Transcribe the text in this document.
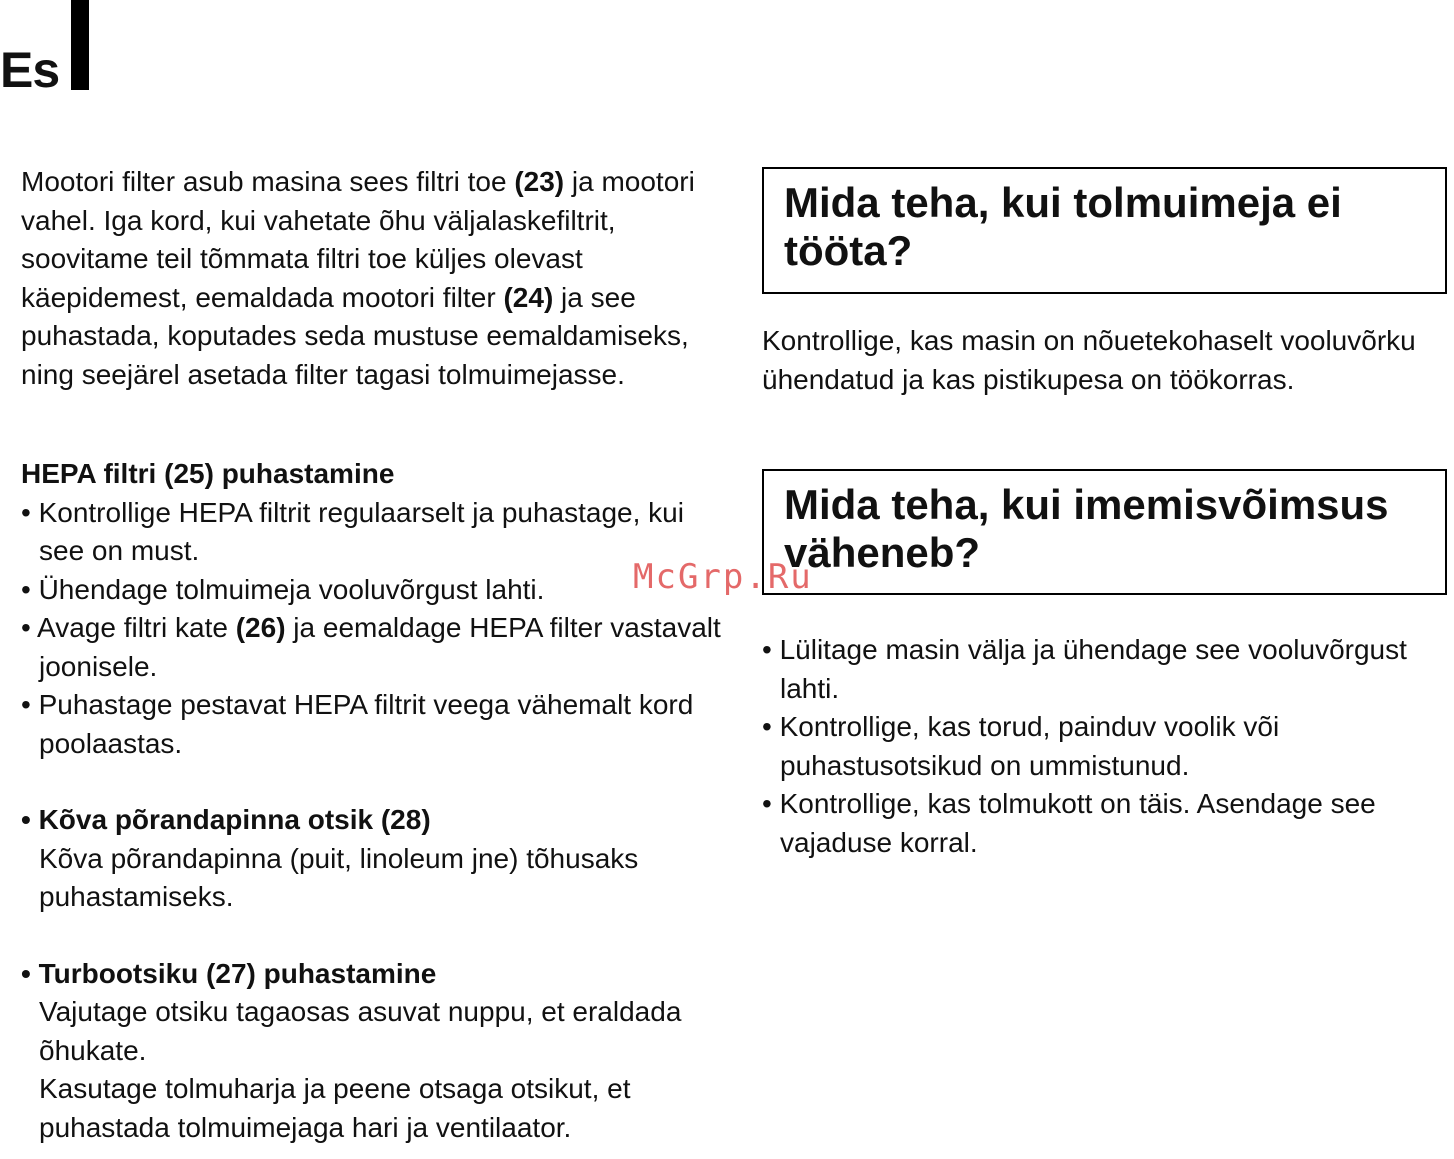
Es

Mootori filter asub masina sees filtri toe (23) ja mootori vahel. Iga kord, kui vahetate õhu väljalaskefiltrit, soovitame teil tõmmata filtri toe küljes olevast käepidemest, eemaldada mootori filter (24) ja see puhastada, koputades seda mustuse eemaldamiseks, ning seejärel asetada filter tagasi tolmuimejasse.

HEPA filtri (25) puhastamine

• Kontrollige HEPA filtrit regulaarselt ja puhastage, kui see on must.

• Ühendage tolmuimeja vooluvõrgust lahti.

• Avage filtri kate (26) ja eemaldage HEPA filter vastavalt joonisele.

• Puhastage pestavat HEPA filtrit veega vähemalt kord poolaastas.

• Kõva põrandapinna otsik (28)

Kõva põrandapinna (puit, linoleum jne) tõhusaks puhastamiseks.

• Turbootsiku (27) puhastamine

Vajutage otsiku tagaosas asuvat nuppu, et eraldada õhukate.

Kasutage tolmuharja ja peene otsaga otsikut, et puhastada tolmuimejaga hari ja ventilaator.

Mida teha, kui tolmuimeja ei tööta?

Kontrollige, kas masin on nõuetekohaselt vooluvõrku ühendatud ja kas pistikupesa on töökorras.

Mida teha, kui imemisvõimsus väheneb?

• Lülitage masin välja ja ühendage see vooluvõrgust lahti.

• Kontrollige, kas torud, painduv voolik või puhastusotsikud on ummistunud.

• Kontrollige, kas tolmukott on täis. Asendage see vajaduse korral.

McGrp.Ru
